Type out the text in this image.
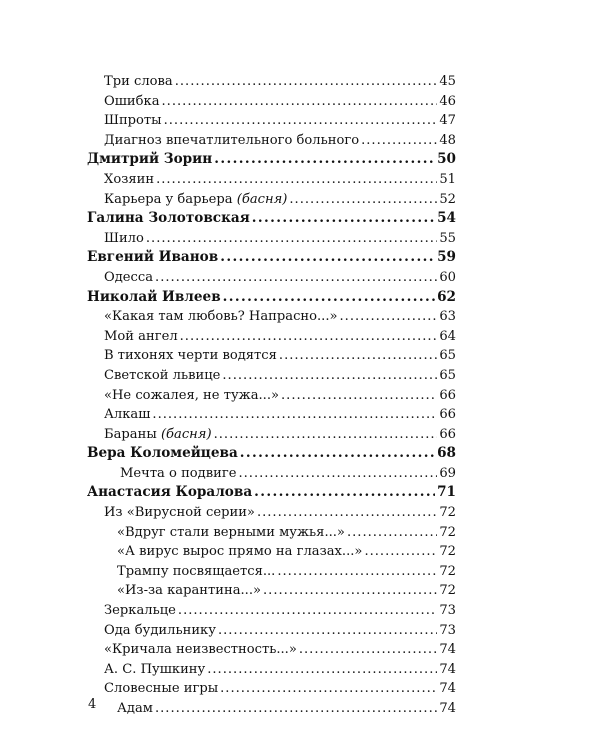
Три слова .....	45
Ошибка .....	46
Шпроты .....	47
Диагноз впечатлительного больного .....	48
Дмитрий Зорин .....	50
Хозяин .....	51
Карьера у барьера (басня) .....	52
Галина Золотовская .....	54
Шило .....	55
Евгений Иванов .....	59
Одесса .....	60
Николай Ивлеев .....	62
«Какая там любовь? Напрасно...» .....	63
Мой ангел .....	64
В тихонях черти водятся .....	65
Светской львице .....	65
«Не сожалея, не тужа...» .....	66
Алкаш .....	66
Бараны (басня) .....	66
Вера Коломейцева .....	68
Мечта о подвиге .....	69
Анастасия Коралова .....	71
Из «Вирусной серии» .....	72
«Вдруг стали верными мужья...» .....	72
«А вирус вырос прямо на глазах...» .....	72
Трампу посвящается... .....	72
«Из-за карантина...» .....	72
Зеркальце .....	73
Ода будильнику .....	73
«Кричала неизвестность...» .....	74
А. С. Пушкину .....	74
Словесные игры .....	74
Адам .....	74
4
